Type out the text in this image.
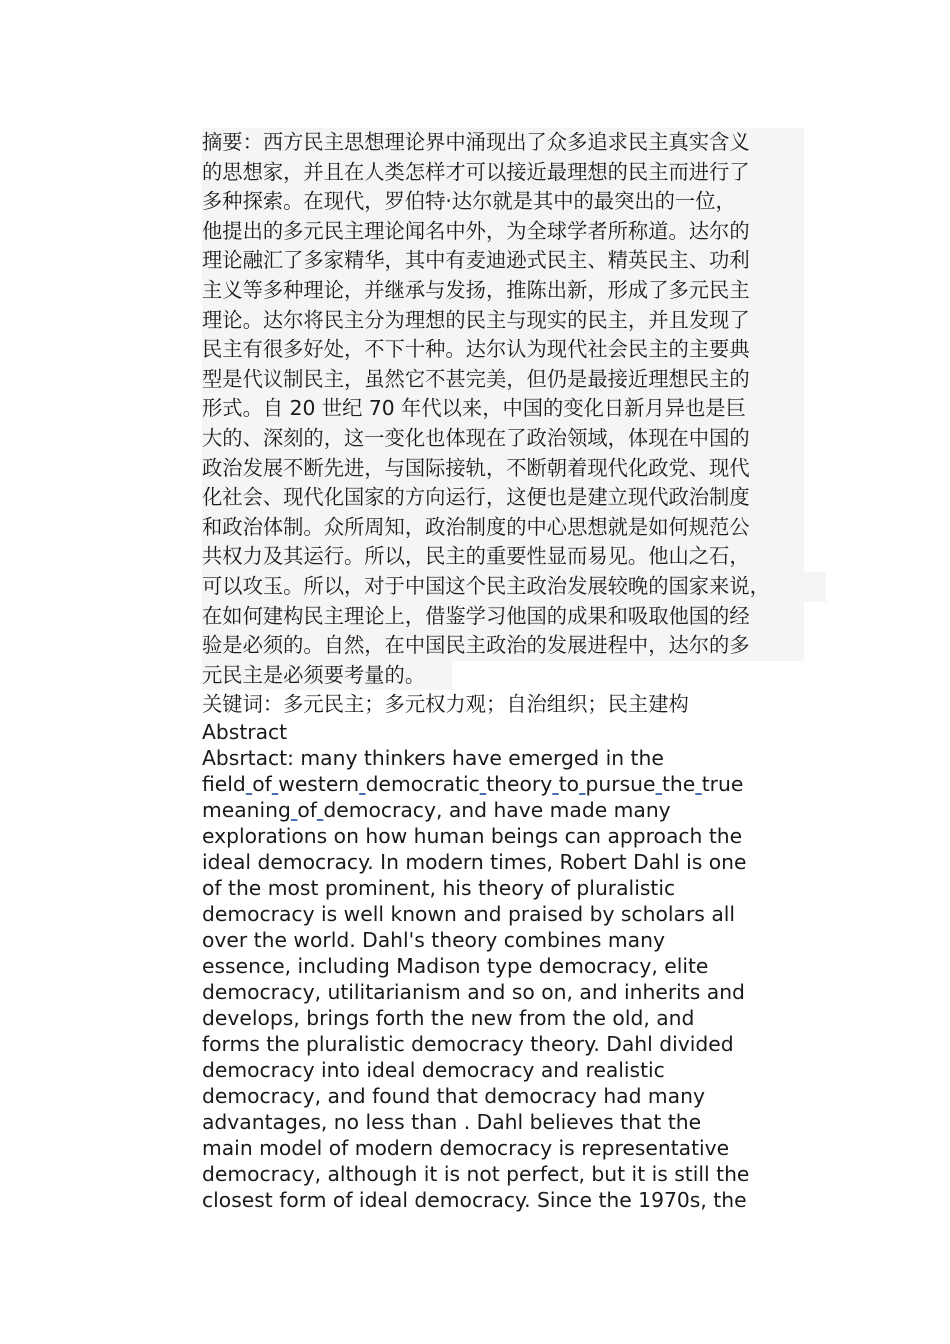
摘要：西方民主思想理论界中涌现出了众多追求民主真实含义
的思想家，并且在人类怎样才可以接近最理想的民主而进行了
多种探索。在现代，罗伯特·达尔就是其中的最突出的一位，
他提出的多元民主理论闻名中外，为全球学者所称道。达尔的
理论融汇了多家精华，其中有麦迪逊式民主、精英民主、功利
主义等多种理论，并继承与发扬，推陈出新，形成了多元民主
理论。达尔将民主分为理想的民主与现实的民主，并且发现了
民主有很多好处，不下十种。达尔认为现代社会民主的主要典
型是代议制民主，虽然它不甚完美，但仍是最接近理想民主的
形式。自 20 世纪 70 年代以来，中国的变化日新月异也是巨
大的、深刻的，这一变化也体现在了政治领域，体现在中国的
政治发展不断先进，与国际接轨，不断朝着现代化政党、现代
化社会、现代化国家的方向运行，这便也是建立现代政治制度
和政治体制。众所周知，政治制度的中心思想就是如何规范公
共权力及其运行。所以，民主的重要性显而易见。他山之石，
可以攻玉。所以，对于中国这个民主政治发展较晚的国家来说，
在如何建构民主理论上，借鉴学习他国的成果和吸取他国的经
验是必须的。自然，在中国民主政治的发展进程中，达尔的多
元民主是必须要考量的。

关键词：多元民主；多元权力观；自治组织；民主建构

Abstract

Absrtact: many thinkers have emerged in the
field of western democratic theory to pursue the true
meaning of democracy, and have made many
explorations on how human beings can approach the
ideal democracy. In modern times, Robert Dahl is one
of the most prominent, his theory of pluralistic
democracy is well known and praised by scholars all
over the world. Dahl's theory combines many
essence, including Madison type democracy, elite
democracy, utilitarianism and so on, and inherits and
develops, brings forth the new from the old, and
forms the pluralistic democracy theory. Dahl divided
democracy into ideal democracy and realistic
democracy, and found that democracy had many
advantages, no less than . Dahl believes that the
main model of modern democracy is representative
democracy, although it is not perfect, but it is still the
closest form of ideal democracy. Since the 1970s, the
